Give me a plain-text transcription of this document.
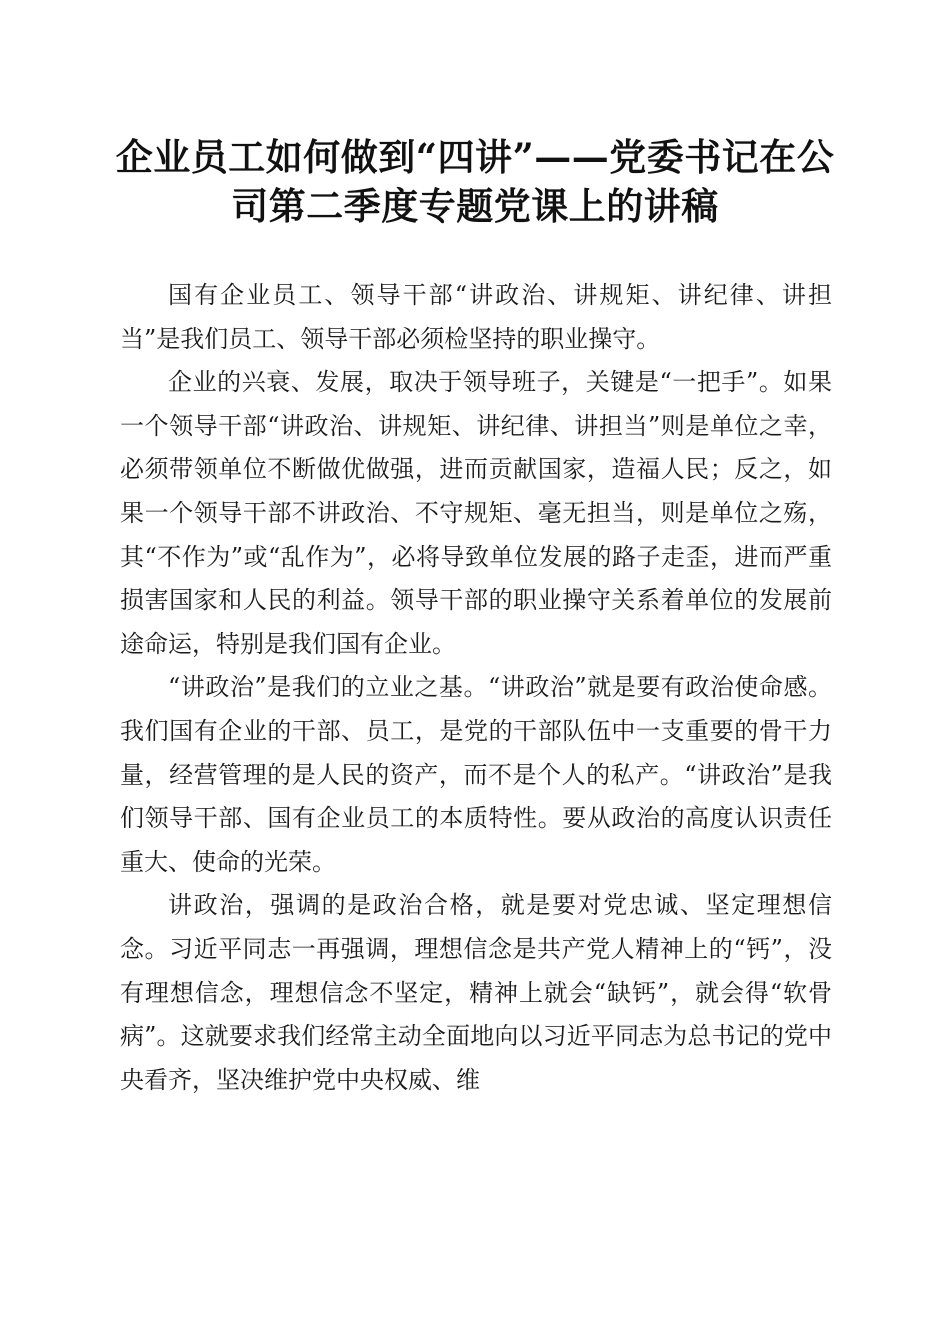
企业员工如何做到“四讲”——党委书记在公司第二季度专题党课上的讲稿

国有企业员工、领导干部“讲政治、讲规矩、讲纪律、讲担当”是我们员工、领导干部必须检坚持的职业操守。

企业的兴衰、发展，取决于领导班子，关键是“一把手”。如果一个领导干部“讲政治、讲规矩、讲纪律、讲担当”则是单位之幸，必须带领单位不断做优做强，进而贡献国家，造福人民；反之，如果一个领导干部不讲政治、不守规矩、毫无担当，则是单位之殇，其“不作为”或“乱作为”，必将导致单位发展的路子走歪，进而严重损害国家和人民的利益。领导干部的职业操守关系着单位的发展前途命运，特别是我们国有企业。

“讲政治”是我们的立业之基。“讲政治”就是要有政治使命感。我们国有企业的干部、员工，是党的干部队伍中一支重要的骨干力量，经营管理的是人民的资产，而不是个人的私产。“讲政治”是我们领导干部、国有企业员工的本质特性。要从政治的高度认识责任重大、使命的光荣。

讲政治，强调的是政治合格，就是要对党忠诚、坚定理想信念。习近平同志一再强调，理想信念是共产党人精神上的“钙”，没有理想信念，理想信念不坚定，精神上就会“缺钙”，就会得“软骨病”。这就要求我们经常主动全面地向以习近平同志为总书记的党中央看齐，坚决维护党中央权威、维
